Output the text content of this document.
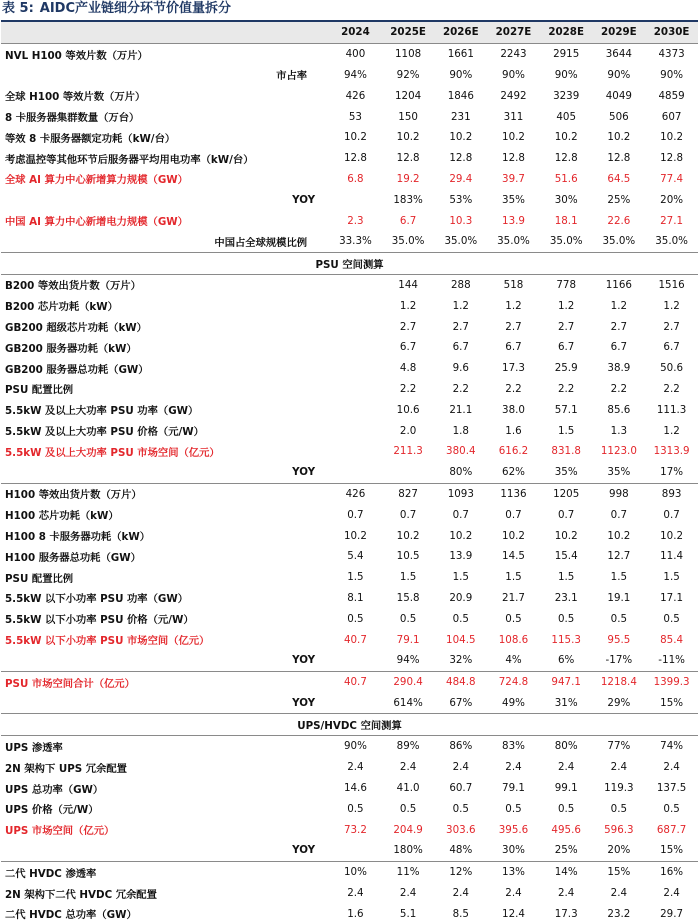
表 5: AIDC产业链细分环节价值量拆分
	2024	2025E	2026E	2027E	2028E	2029E	2030E
NVL H100 等效片数（万片）	400	1108	1661	2243	2915	3644	4373
市占率	94%	92%	90%	90%	90%	90%	90%
全球 H100 等效片数（万片）	426	1204	1846	2492	3239	4049	4859
8 卡服务器集群数量（万台）	53	150	231	311	405	506	607
等效 8 卡服务器额定功耗（kW/台）	10.2	10.2	10.2	10.2	10.2	10.2	10.2
考虑温控等其他环节后服务器平均用电功率（kW/台）	12.8	12.8	12.8	12.8	12.8	12.8	12.8
全球 AI 算力中心新增算力规模（GW）	6.8	19.2	29.4	39.7	51.6	64.5	77.4
YOY		183%	53%	35%	30%	25%	20%
中国 AI 算力中心新增电力规模（GW）	2.3	6.7	10.3	13.9	18.1	22.6	27.1
中国占全球规模比例	33.3%	35.0%	35.0%	35.0%	35.0%	35.0%	35.0%
PSU 空间测算							
B200 等效出货片数（万片）		144	288	518	778	1166	1516
B200 芯片功耗（kW）		1.2	1.2	1.2	1.2	1.2	1.2
GB200 超级芯片功耗（kW）		2.7	2.7	2.7	2.7	2.7	2.7
GB200 服务器功耗（kW）		6.7	6.7	6.7	6.7	6.7	6.7
GB200 服务器总功耗（GW）		4.8	9.6	17.3	25.9	38.9	50.6
PSU 配置比例		2.2	2.2	2.2	2.2	2.2	2.2
5.5kW 及以上大功率 PSU 功率（GW）		10.6	21.1	38.0	57.1	85.6	111.3
5.5kW 及以上大功率 PSU 价格（元/W）		2.0	1.8	1.6	1.5	1.3	1.2
5.5kW 及以上大功率 PSU 市场空间（亿元）		211.3	380.4	616.2	831.8	1123.0	1313.9
YOY			80%	62%	35%	35%	17%
H100 等效出货片数（万片）	426	827	1093	1136	1205	998	893
H100 芯片功耗（kW）	0.7	0.7	0.7	0.7	0.7	0.7	0.7
H100 8 卡服务器功耗（kW）	10.2	10.2	10.2	10.2	10.2	10.2	10.2
H100 服务器总功耗（GW）	5.4	10.5	13.9	14.5	15.4	12.7	11.4
PSU 配置比例	1.5	1.5	1.5	1.5	1.5	1.5	1.5
5.5kW 以下小功率 PSU 功率（GW）	8.1	15.8	20.9	21.7	23.1	19.1	17.1
5.5kW 以下小功率 PSU 价格（元/W）	0.5	0.5	0.5	0.5	0.5	0.5	0.5
5.5kW 以下小功率 PSU 市场空间（亿元）	40.7	79.1	104.5	108.6	115.3	95.5	85.4
YOY		94%	32%	4%	6%	-17%	-11%
PSU 市场空间合计（亿元）	40.7	290.4	484.8	724.8	947.1	1218.4	1399.3
YOY		614%	67%	49%	31%	29%	15%
UPS/HVDC 空间测算							
UPS 渗透率	90%	89%	86%	83%	80%	77%	74%
2N 架构下 UPS 冗余配置	2.4	2.4	2.4	2.4	2.4	2.4	2.4
UPS 总功率（GW）	14.6	41.0	60.7	79.1	99.1	119.3	137.5
UPS 价格（元/W）	0.5	0.5	0.5	0.5	0.5	0.5	0.5
UPS 市场空间（亿元）	73.2	204.9	303.6	395.6	495.6	596.3	687.7
YOY		180%	48%	30%	25%	20%	15%
二代 HVDC 渗透率	10%	11%	12%	13%	14%	15%	16%
2N 架构下二代 HVDC 冗余配置	2.4	2.4	2.4	2.4	2.4	2.4	2.4
二代 HVDC 总功率（GW）	1.6	5.1	8.5	12.4	17.3	23.2	29.7
